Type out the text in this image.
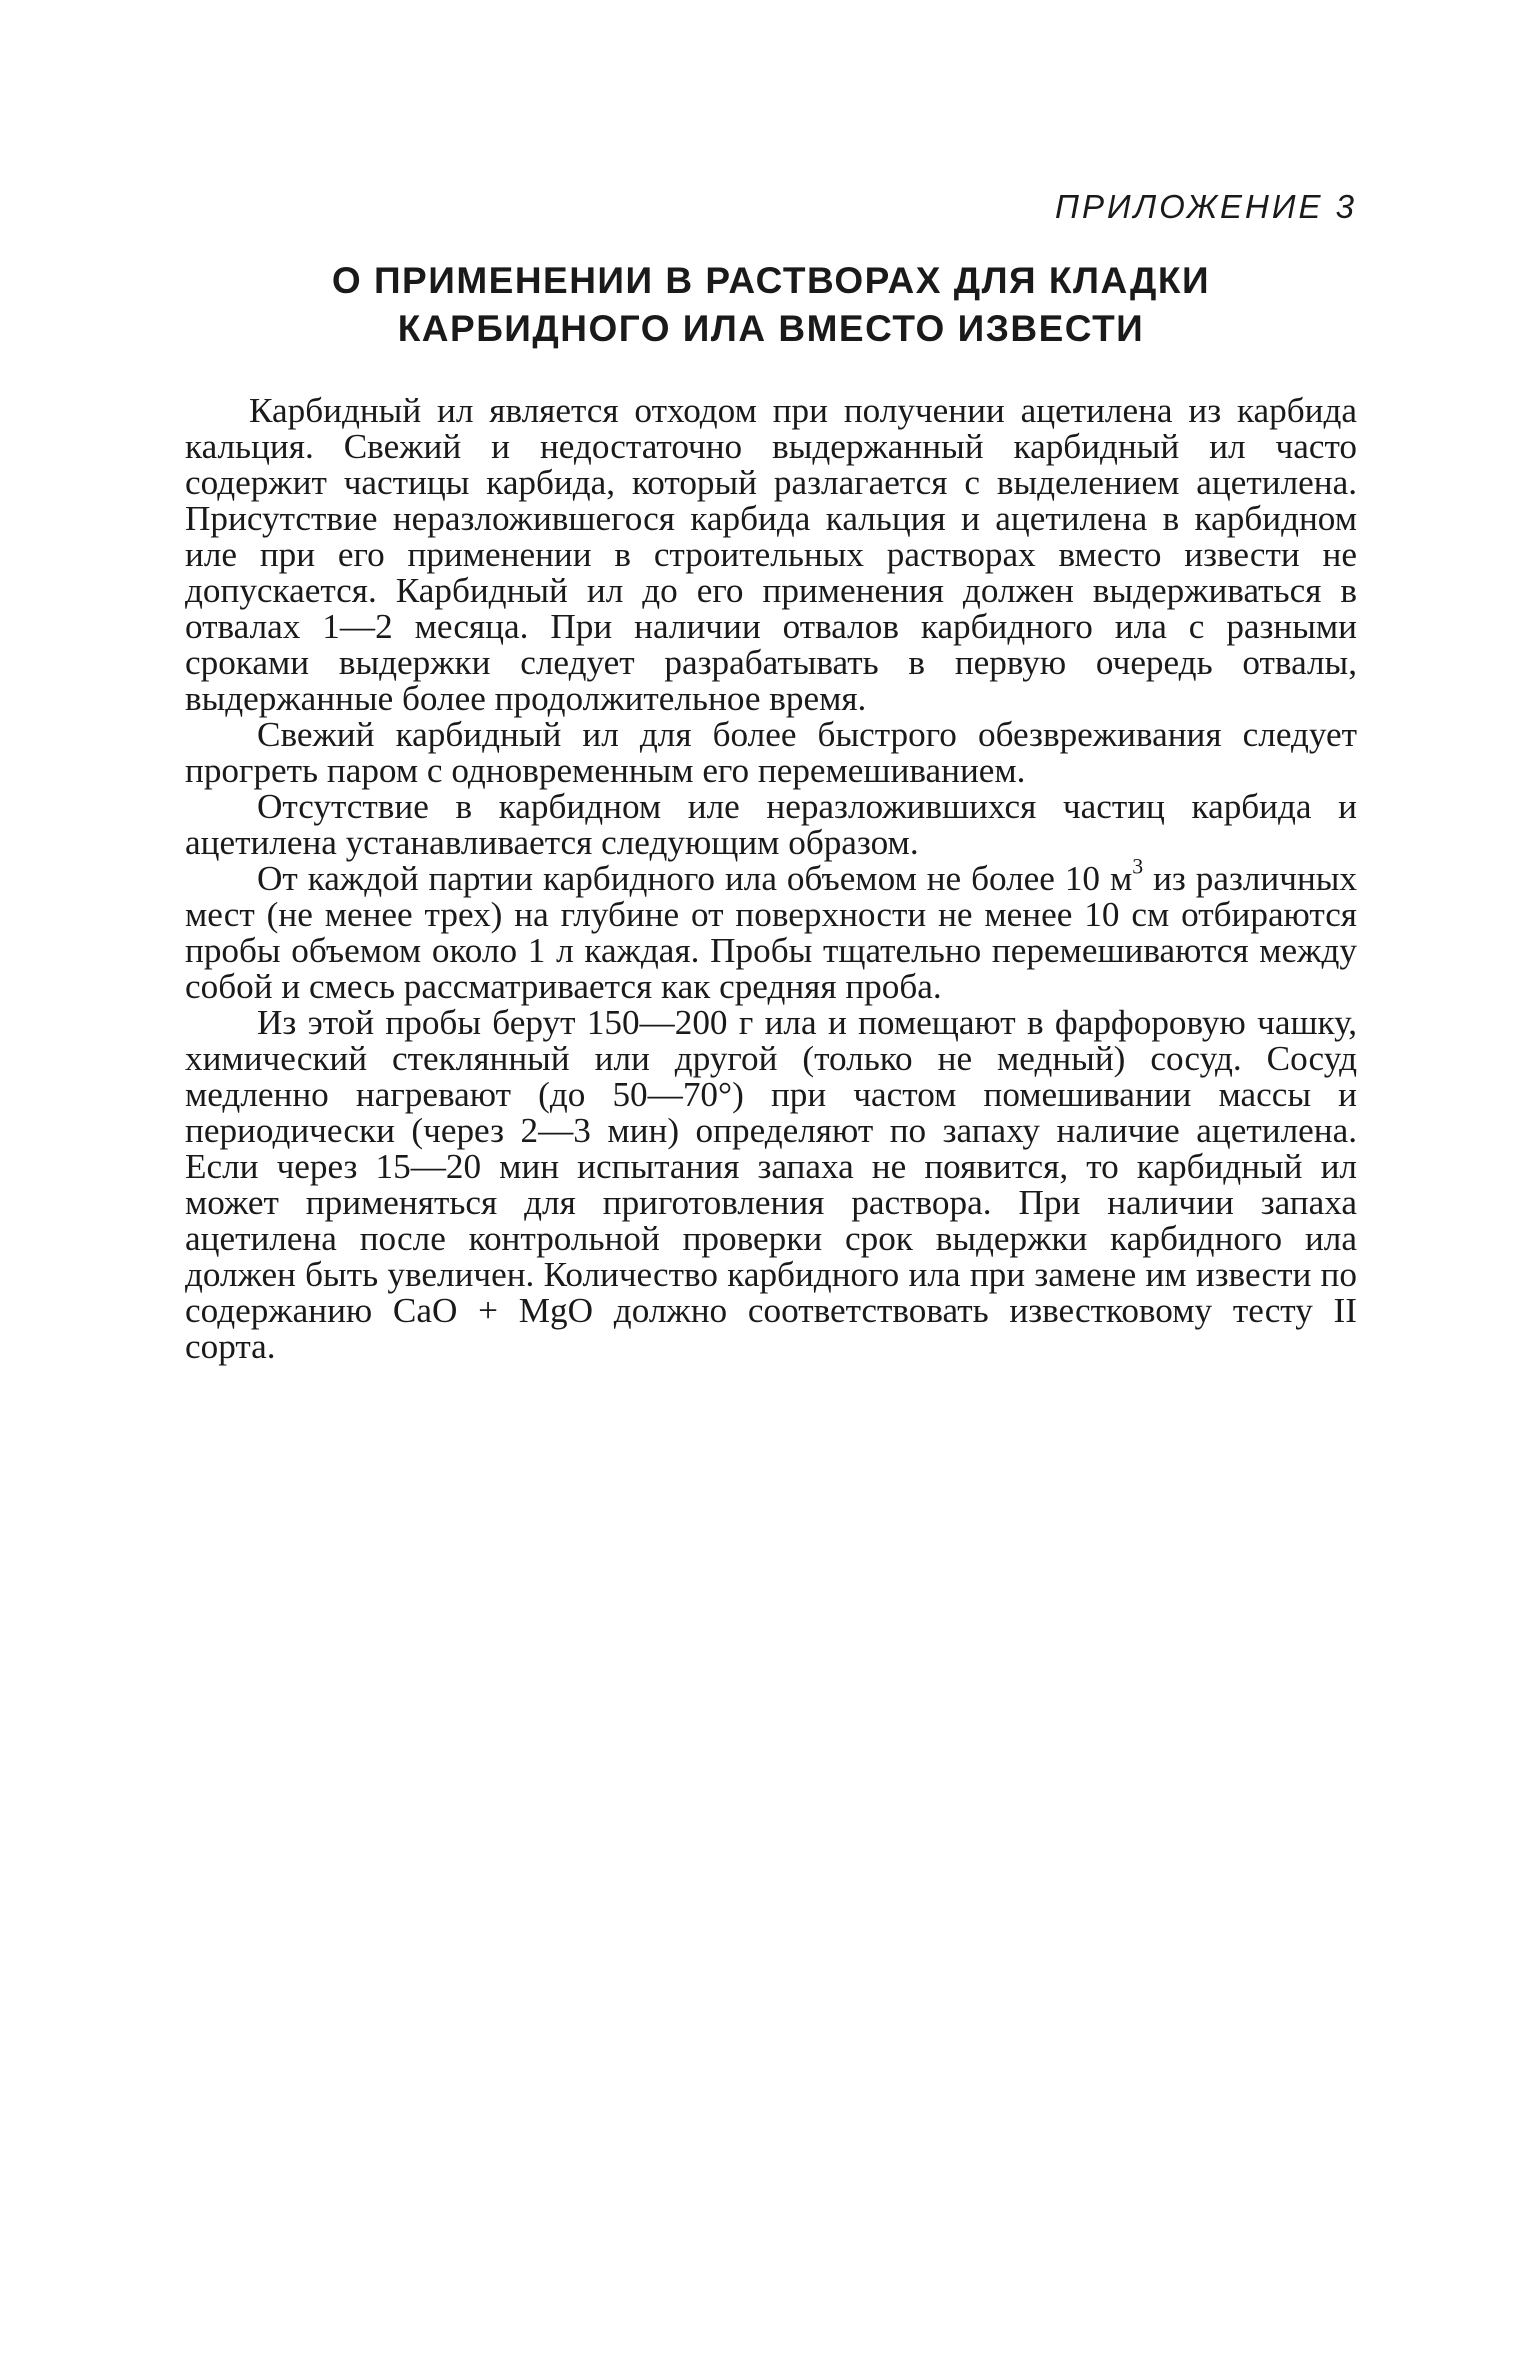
ПРИЛОЖЕНИЕ 3
О ПРИМЕНЕНИИ В РАСТВОРАХ ДЛЯ КЛАДКИ
КАРБИДНОГО ИЛА ВМЕСТО ИЗВЕСТИ

Карбидный ил является отходом при получении ацетилена из карбида кальция. Свежий и недостаточно выдержанный карбидный ил часто содержит частицы карбида, который разлагается с выделением ацетилена. Присутствие неразложившегося карбида кальция и ацетилена в карбидном иле при его применении в строительных растворах вместо извести не допускается. Карбидный ил до его применения должен выдерживаться в отвалах 1—2 месяца. При наличии отвалов карбидного ила с разными сроками выдержки следует разрабатывать в первую очередь отвалы, выдержанные более продолжительное время.

Свежий карбидный ил для более быстрого обезвреживания следует прогреть паром с одновременным его перемешиванием.

Отсутствие в карбидном иле неразложившихся частиц карбида и ацетилена устанавливается следующим образом.

От каждой партии карбидного ила объемом не более 10 $м^3$ из различных мест (не менее трех) на глубине от поверхности не менее 10 см отбираются пробы объемом около 1 л каждая. Пробы тщательно перемешиваются между собой и смесь рассматривается как средняя проба.

Из этой пробы берут 150—200 г ила и помещают в фарфоровую чашку, химический стеклянный или другой (только не медный) сосуд. Сосуд медленно нагревают (до 50—70°) при частом помешивании массы и периодически (через 2—3 мин) определяют по запаху наличие ацетилена. Если через 15—20 мин испытания запаха не появится, то карбидный ил может применяться для приготовления раствора. При наличии запаха ацетилена после контрольной проверки срок выдержки карбидного ила должен быть увеличен. Количество карбидного ила при замене им извести по содержанию CaO + MgO должно соответствовать известковому тесту II сорта.
